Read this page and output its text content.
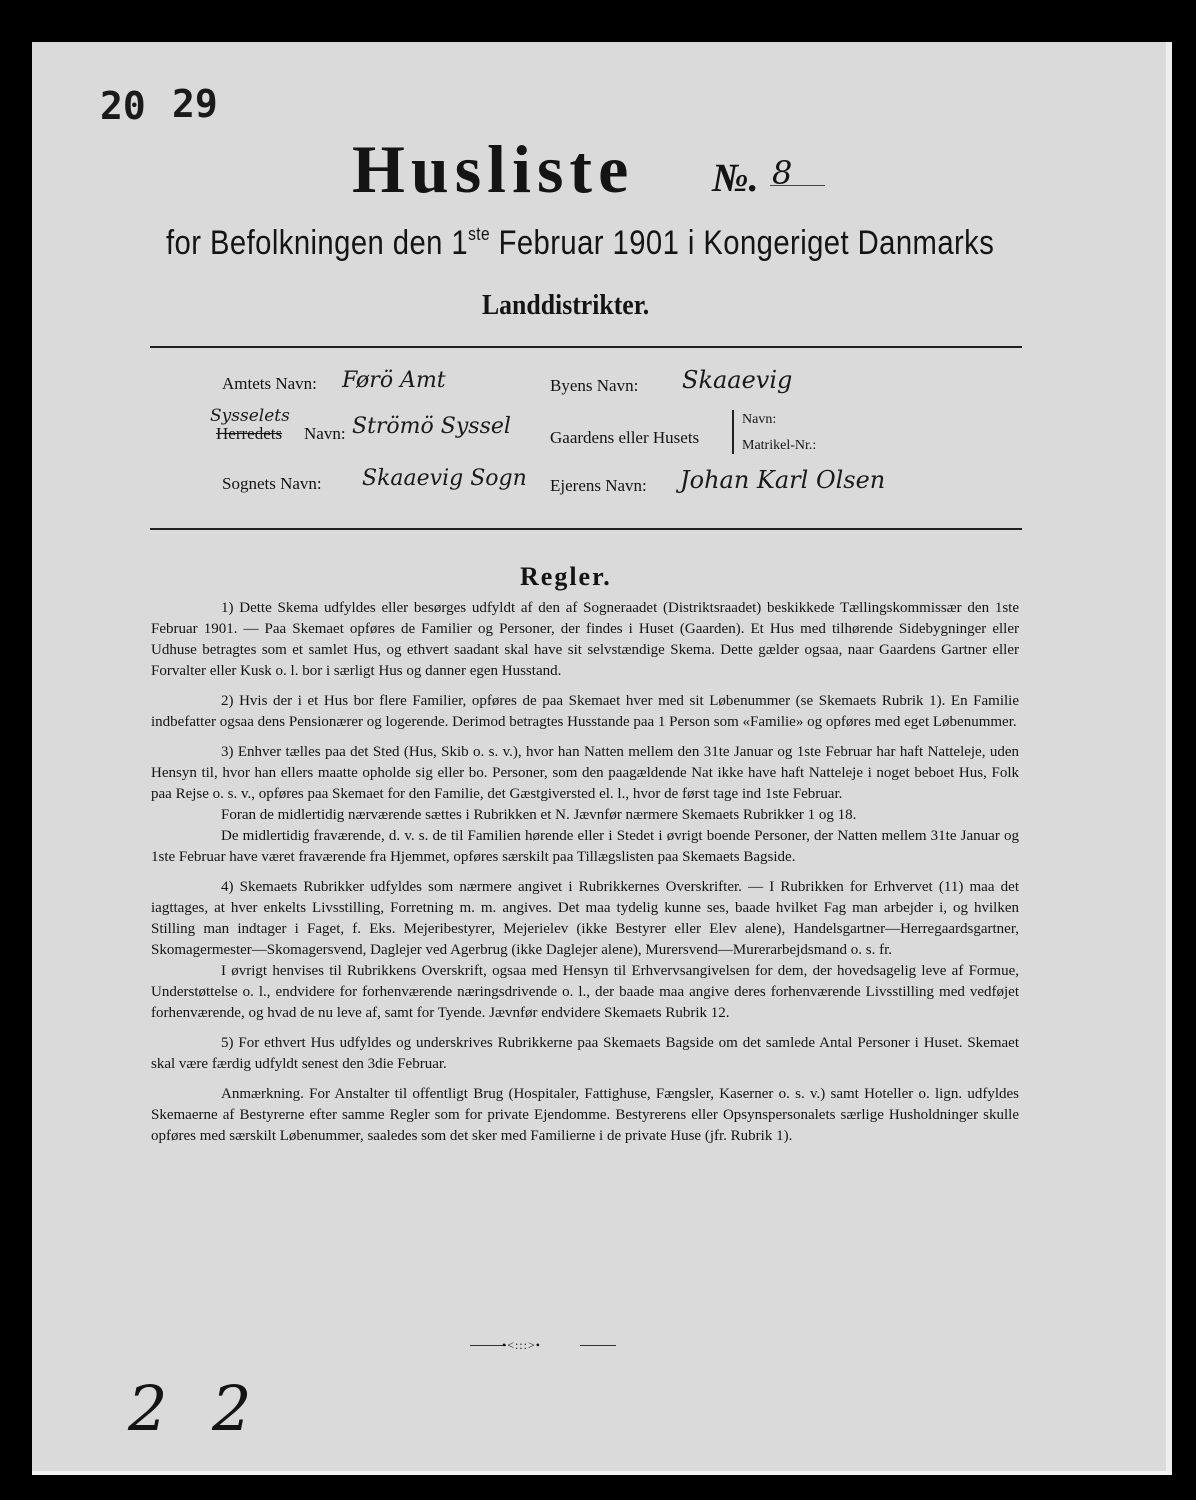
20 29
Husliste №. 8
for Befolkningen den 1ste Februar 1901 i Kongeriget Danmarks
Landdistrikter.
Amtets Navn: Førö Amt
Sysselets
Herredets Navn: Strömö Syssel
Sognets Navn: Skaaevig Sogn
Byens Navn: Skaaevig
Gaardens eller Husets
Navn:
Matrikel-Nr.:
Ejerens Navn: Johan Karl Olsen
Regler.

1) Dette Skema udfyldes eller besørges udfyldt af den af Sogneraadet (Distriktsraadet) beskikkede Tællingskommissær den 1ste Februar 1901. — Paa Skemaet opføres de Familier og Personer, der findes i Huset (Gaarden). Et Hus med tilhørende Sidebygninger eller Udhuse betragtes som et samlet Hus, og ethvert saadant skal have sit selvstændige Skema. Dette gælder ogsaa, naar Gaardens Gartner eller Forvalter eller Kusk o. l. bor i særligt Hus og danner egen Husstand.

2) Hvis der i et Hus bor flere Familier, opføres de paa Skemaet hver med sit Løbenummer (se Skemaets Rubrik 1). En Familie indbefatter ogsaa dens Pensionærer og logerende. Derimod betragtes Husstande paa 1 Person som «Familie» og opføres med eget Løbenummer.

3) Enhver tælles paa det Sted (Hus, Skib o. s. v.), hvor han Natten mellem den 31te Januar og 1ste Februar har haft Natteleje, uden Hensyn til, hvor han ellers maatte opholde sig eller bo. Personer, som den paagældende Nat ikke have haft Natteleje i noget beboet Hus, Folk paa Rejse o. s. v., opføres paa Skemaet for den Familie, det Gæstgiversted el. l., hvor de først tage ind 1ste Februar.

Foran de midlertidig nærværende sættes i Rubrikken et N. Jævnfør nærmere Skemaets Rubrikker 1 og 18.

De midlertidig fraværende, d. v. s. de til Familien hørende eller i Stedet i øvrigt boende Personer, der Natten mellem 31te Januar og 1ste Februar have været fraværende fra Hjemmet, opføres særskilt paa Tillægslisten paa Skemaets Bagside.

4) Skemaets Rubrikker udfyldes som nærmere angivet i Rubrikkernes Overskrifter. — I Rubrikken for Erhvervet (11) maa det iagttages, at hver enkelts Livsstilling, Forretning m. m. angives. Det maa tydelig kunne ses, baade hvilket Fag man arbejder i, og hvilken Stilling man indtager i Faget, f. Eks. Mejeribestyrer, Mejerielev (ikke Bestyrer eller Elev alene), Handelsgartner—Herregaardsgartner, Skomagermester—Skomagersvend, Daglejer ved Agerbrug (ikke Daglejer alene), Murersvend—Murerarbejdsmand o. s. fr.

I øvrigt henvises til Rubrikkens Overskrift, ogsaa med Hensyn til Erhvervsangivelsen for dem, der hovedsagelig leve af Formue, Understøttelse o. l., endvidere for forhenværende næringsdrivende o. l., der baade maa angive deres forhenværende Livsstilling med vedføjet forhenværende, og hvad de nu leve af, samt for Tyende. Jævnfør endvidere Skemaets Rubrik 12.

5) For ethvert Hus udfyldes og underskrives Rubrikkerne paa Skemaets Bagside om det samlede Antal Personer i Huset. Skemaet skal være færdig udfyldt senest den 3die Februar.

Anmærkning. For Anstalter til offentligt Brug (Hospitaler, Fattighuse, Fængsler, Kaserner o. s. v.) samt Hoteller o. lign. udfyldes Skemaerne af Bestyrerne efter samme Regler som for private Ejendomme. Bestyrerens eller Opsynspersonalets særlige Husholdninger skulle opføres med særskilt Løbenummer, saaledes som det sker med Familierne i de private Huse (jfr. Rubrik 1).

•<:::>•
2 2
